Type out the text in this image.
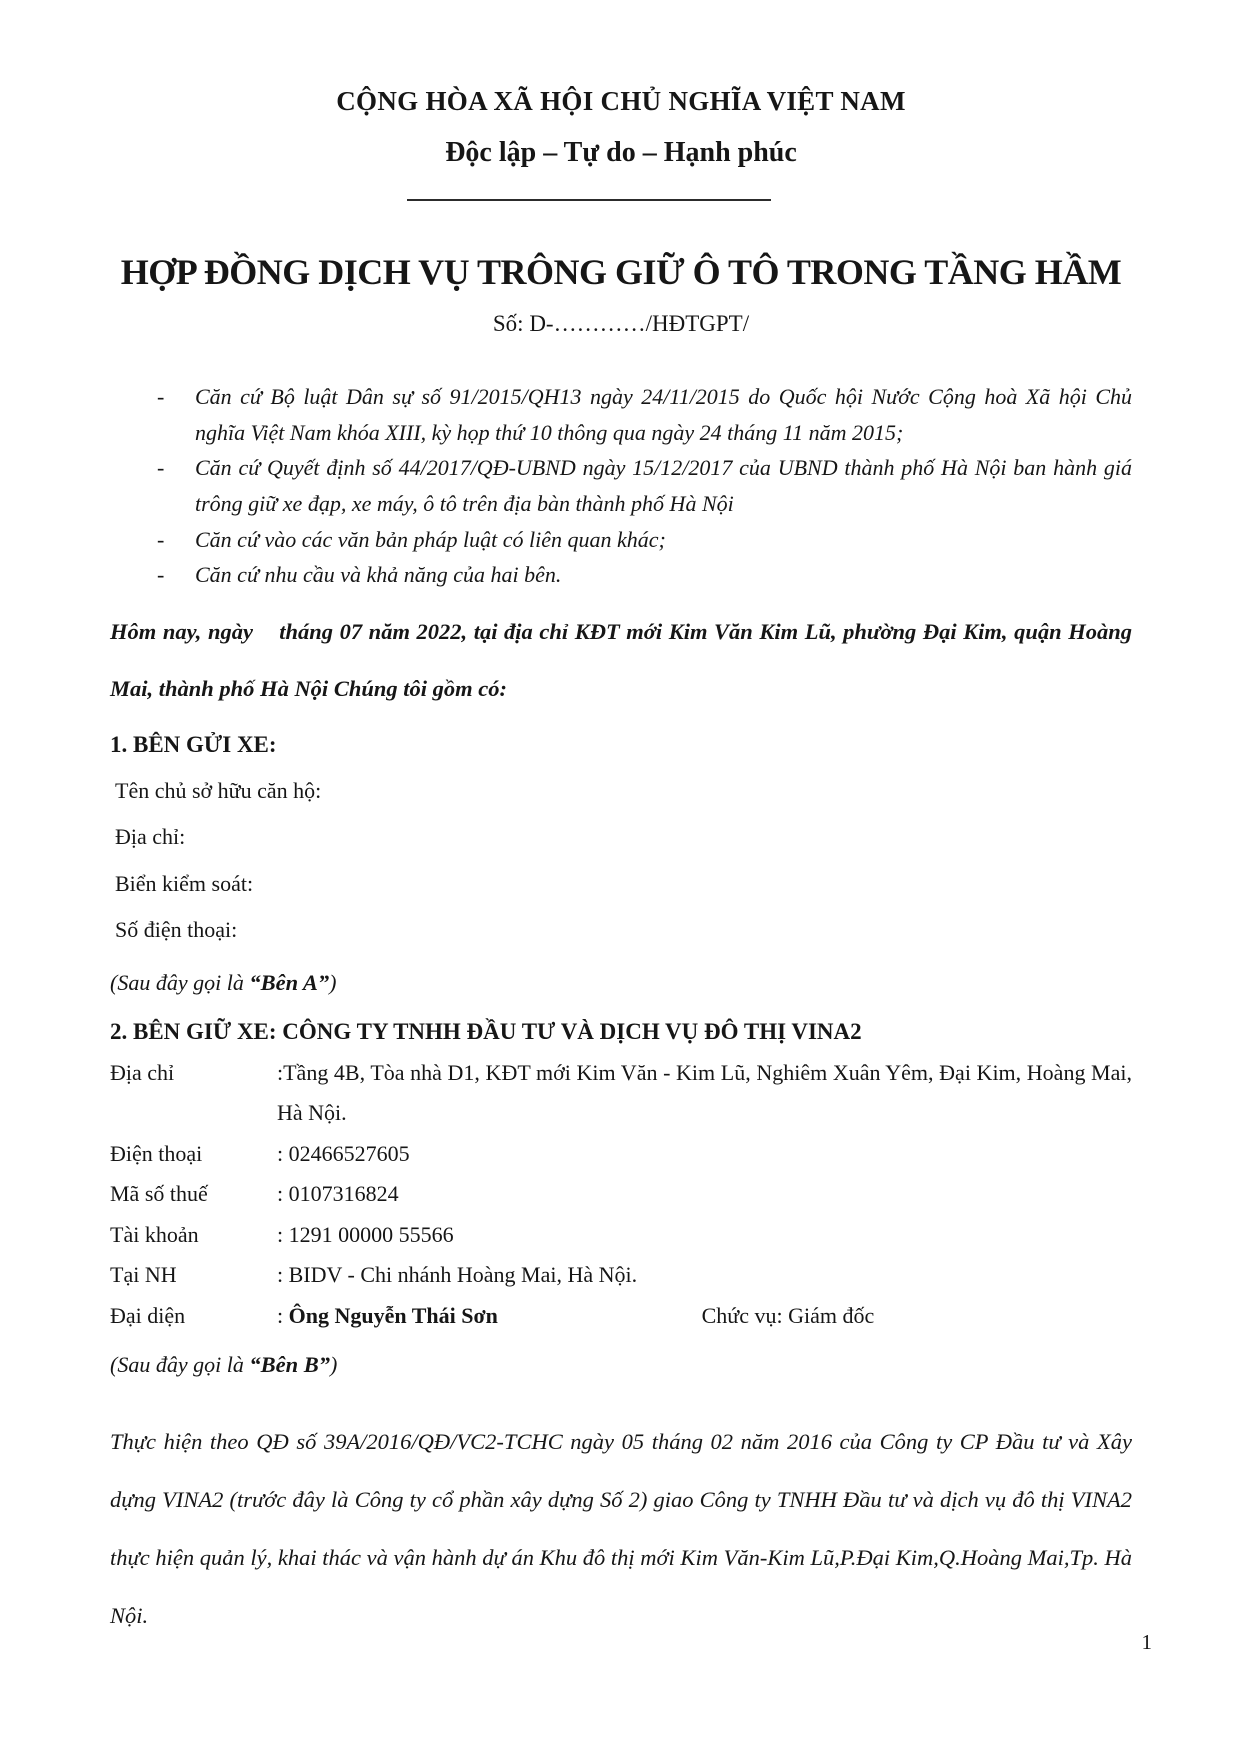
CỘNG HÒA XÃ HỘI CHỦ NGHĨA VIỆT NAM
Độc lập – Tự do – Hạnh phúc
HỢP ĐỒNG DỊCH VỤ TRÔNG GIỮ Ô TÔ TRONG TẦNG HẦM
Số: D-…………/HĐTGPT/
- Căn cứ Bộ luật Dân sự số 91/2015/QH13 ngày 24/11/2015 do Quốc hội Nước Cộng hoà Xã hội Chủ nghĩa Việt Nam khóa XIII, kỳ họp thứ 10 thông qua ngày 24 tháng 11 năm 2015;
- Căn cứ Quyết định số 44/2017/QĐ-UBND ngày 15/12/2017 của UBND thành phố Hà Nội ban hành giá trông giữ xe đạp, xe máy, ô tô trên địa bàn thành phố Hà Nội
- Căn cứ vào các văn bản pháp luật có liên quan khác;
- Căn cứ nhu cầu và khả năng của hai bên.

Hôm nay, ngày    tháng 07 năm 2022, tại địa chỉ KĐT mới Kim Văn Kim Lũ, phường Đại Kim, quận Hoàng Mai, thành phố Hà Nội Chúng tôi gồm có:

1. BÊN GỬI XE:
Tên chủ sở hữu căn hộ:
Địa chỉ:
Biển kiểm soát:
Số điện thoại:

(Sau đây gọi là “Bên A”)

2. BÊN GIỮ XE: CÔNG TY TNHH ĐẦU TƯ VÀ DỊCH VỤ ĐÔ THỊ VINA2
Địa chỉ	:Tầng 4B, Tòa nhà D1, KĐT mới Kim Văn - Kim Lũ, Nghiêm Xuân Yêm, Đại Kim, Hoàng Mai, Hà Nội.
Điện thoại	: 02466527605
Mã số thuế	: 0107316824
Tài khoản	: 1291 00000 55566
Tại NH	: BIDV - Chi nhánh Hoàng Mai, Hà Nội.
Đại diện	: Ông Nguyễn Thái Sơn	Chức vụ: Giám đốc

(Sau đây gọi là “Bên B”)

Thực hiện theo QĐ số 39A/2016/QĐ/VC2-TCHC ngày 05 tháng 02 năm 2016 của Công ty CP Đầu tư và Xây dựng VINA2 (trước đây là Công ty cổ phần xây dựng Số 2) giao Công ty TNHH Đầu tư và dịch vụ đô thị VINA2 thực hiện quản lý, khai thác và vận hành dự án Khu đô thị mới Kim Văn-Kim Lũ,P.Đại Kim,Q.Hoàng Mai,Tp. Hà Nội.

1
